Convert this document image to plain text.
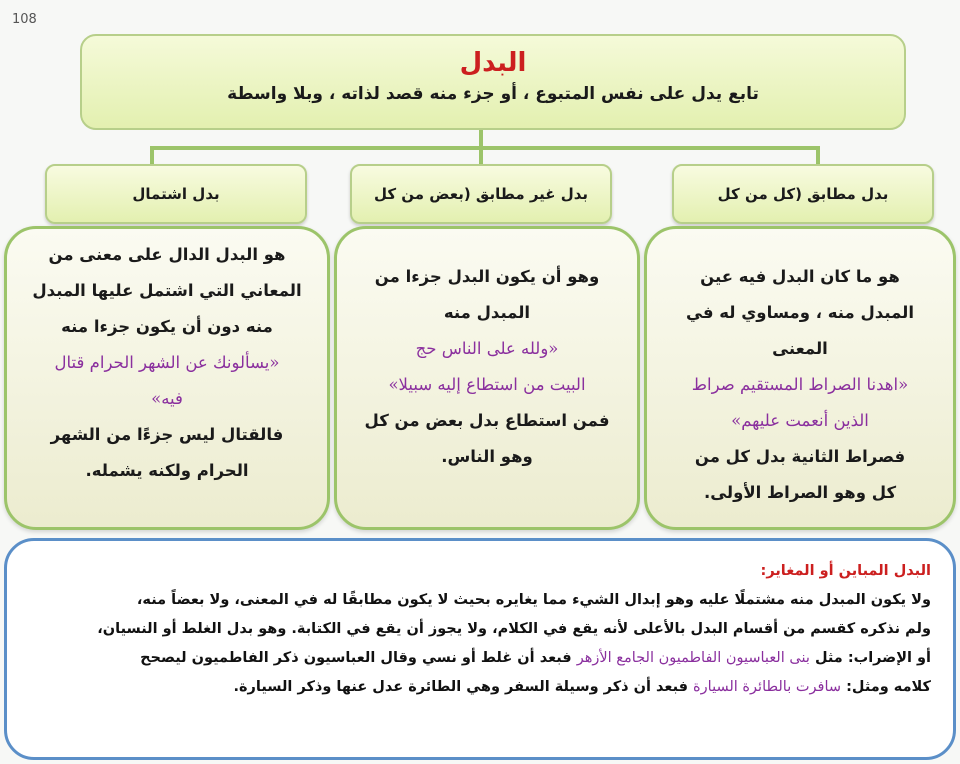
108
البدل

تابع يدل على نفس المتبوع ، أو جزء منه قصد لذاته ، وبلا واسطة

بدل اشتمال	بدل غير مطابق (بعض من كل	بدل مطابق (كل من كل
هو البدل الدال على معنى من
المعاني التي اشتمل عليها المبدل
منه دون أن يكون جزءا منه
«يسألونك عن الشهر الحرام قتال
فيه»
فالقتال ليس جزءًا من الشهر
الحرام ولكنه يشمله.
وهو أن يكون البدل جزءا من
المبدل منه
«ولله على الناس حج
البيت من استطاع إليه سبيلا»
فمن استطاع بدل بعض من كل
وهو الناس.
هو ما كان البدل فيه عين
المبدل منه ، ومساوي له في المعنى
«اهدنا الصراط المستقيم صراط
الذين أنعمت عليهم»
فصراط الثانية بدل كل من
كل وهو الصراط الأولى.

البدل المباين أو المغاير:

ولا يكون المبدل منه مشتملًا عليه وهو إبدال الشيء مما يغايره بحيث لا يكون مطابقًا له في المعنى، ولا بعضاً منه،

ولم نذكره كقسم من أقسام البدل بالأعلى لأنه يقع في الكلام، ولا يجوز أن يقع في الكتابة. وهو بدل الغلط أو النسيان،

أو الإضراب: مثل بنى العباسيون الفاطميون الجامع الأزهر فبعد أن غلط أو نسي وقال العباسيون ذكر الفاطميون ليصحح

كلامه ومثل: سافرت بالطائرة السيارة فبعد أن ذكر وسيلة السفر وهي الطائرة عدل عنها وذكر السيارة.
